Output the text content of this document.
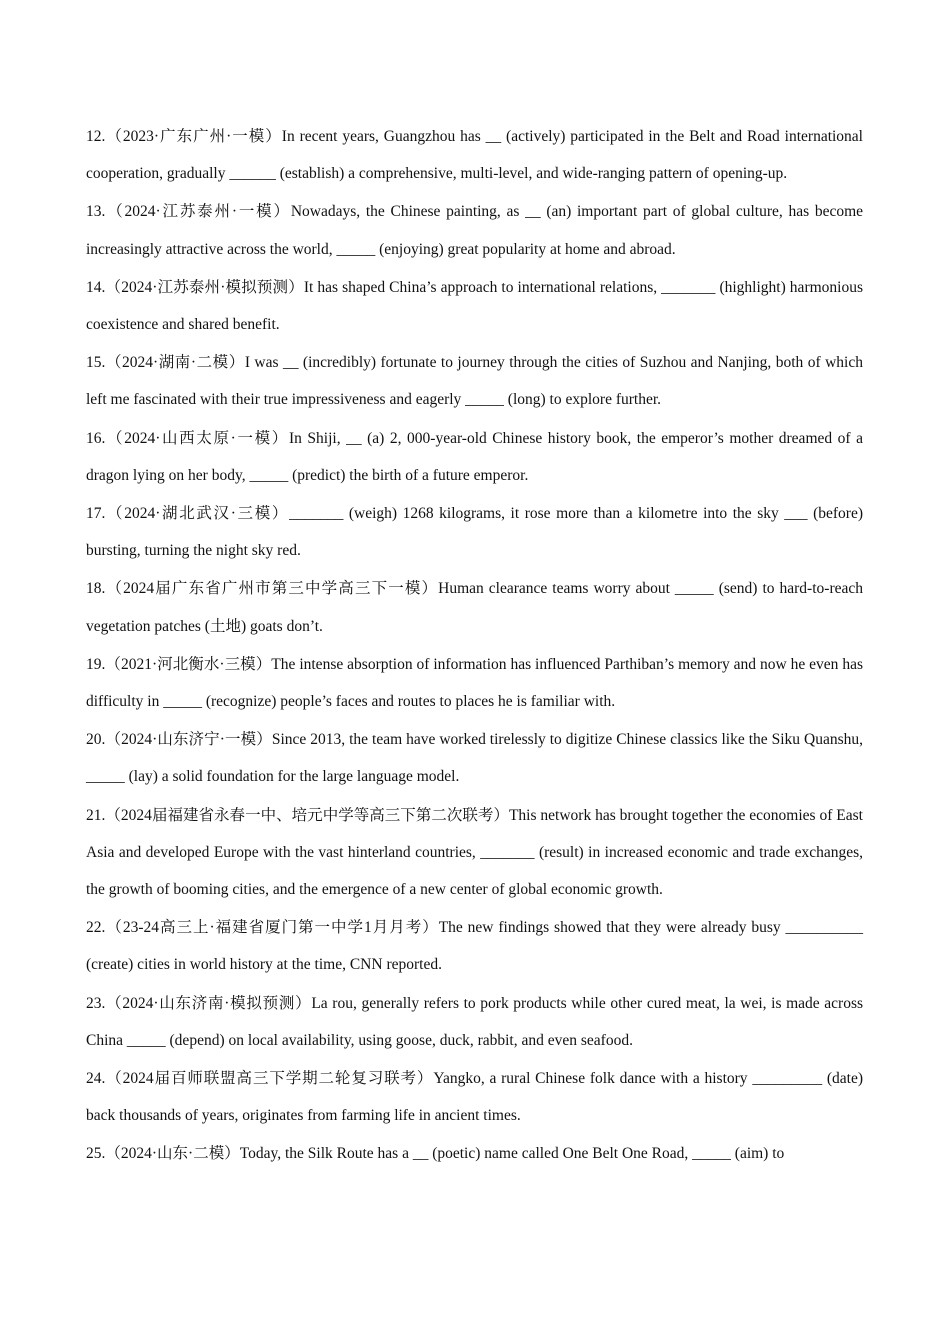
12.（2023·广东广州·一模）In recent years, Guangzhou has __ (actively) participated in the Belt and Road international cooperation, gradually ______ (establish) a comprehensive, multi-level, and wide-ranging pattern of opening-up.
13.（2024·江苏泰州·一模）Nowadays, the Chinese painting, as __ (an) important part of global culture, has become increasingly attractive across the world, _____ (enjoying) great popularity at home and abroad.
14.（2024·江苏泰州·模拟预测）It has shaped China’s approach to international relations, _______ (highlight) harmonious coexistence and shared benefit.
15.（2024·湖南·二模）I was __ (incredibly) fortunate to journey through the cities of Suzhou and Nanjing, both of which left me fascinated with their true impressiveness and eagerly _____ (long) to explore further.
16.（2024·山西太原·一模）In Shiji, __ (a) 2, 000-year-old Chinese history book, the emperor’s mother dreamed of a dragon lying on her body, _____ (predict) the birth of a future emperor.
17.（2024·湖北武汉·三模）_______ (weigh) 1268 kilograms, it rose more than a kilometre into the sky ___ (before) bursting, turning the night sky red.
18.（2024届广东省广州市第三中学高三下一模）Human clearance teams worry about _____ (send) to hard-to-reach vegetation patches (土地) goats don’t.
19.（2021·河北衡水·三模）The intense absorption of information has influenced Parthiban’s memory and now he even has difficulty in _____ (recognize) people’s faces and routes to places he is familiar with.
20.（2024·山东济宁·一模）Since 2013, the team have worked tirelessly to digitize Chinese classics like the Siku Quanshu, _____ (lay) a solid foundation for the large language model.
21.（2024届福建省永春一中、培元中学等高三下第二次联考）This network has brought together the economies of East Asia and developed Europe with the vast hinterland countries, _______ (result) in increased economic and trade exchanges, the growth of booming cities, and the emergence of a new center of global economic growth.
22.（23-24高三上·福建省厦门第一中学1月月考）The new findings showed that they were already busy __________ (create) cities in world history at the time, CNN reported.
23.（2024·山东济南·模拟预测）La rou, generally refers to pork products while other cured meat, la wei, is made across China _____ (depend) on local availability, using goose, duck, rabbit, and even seafood.
24.（2024届百师联盟高三下学期二轮复习联考）Yangko, a rural Chinese folk dance with a history _________ (date) back thousands of years, originates from farming life in ancient times.
25.（2024·山东·二模）Today, the Silk Route has a __ (poetic) name called One Belt One Road, _____ (aim) to
